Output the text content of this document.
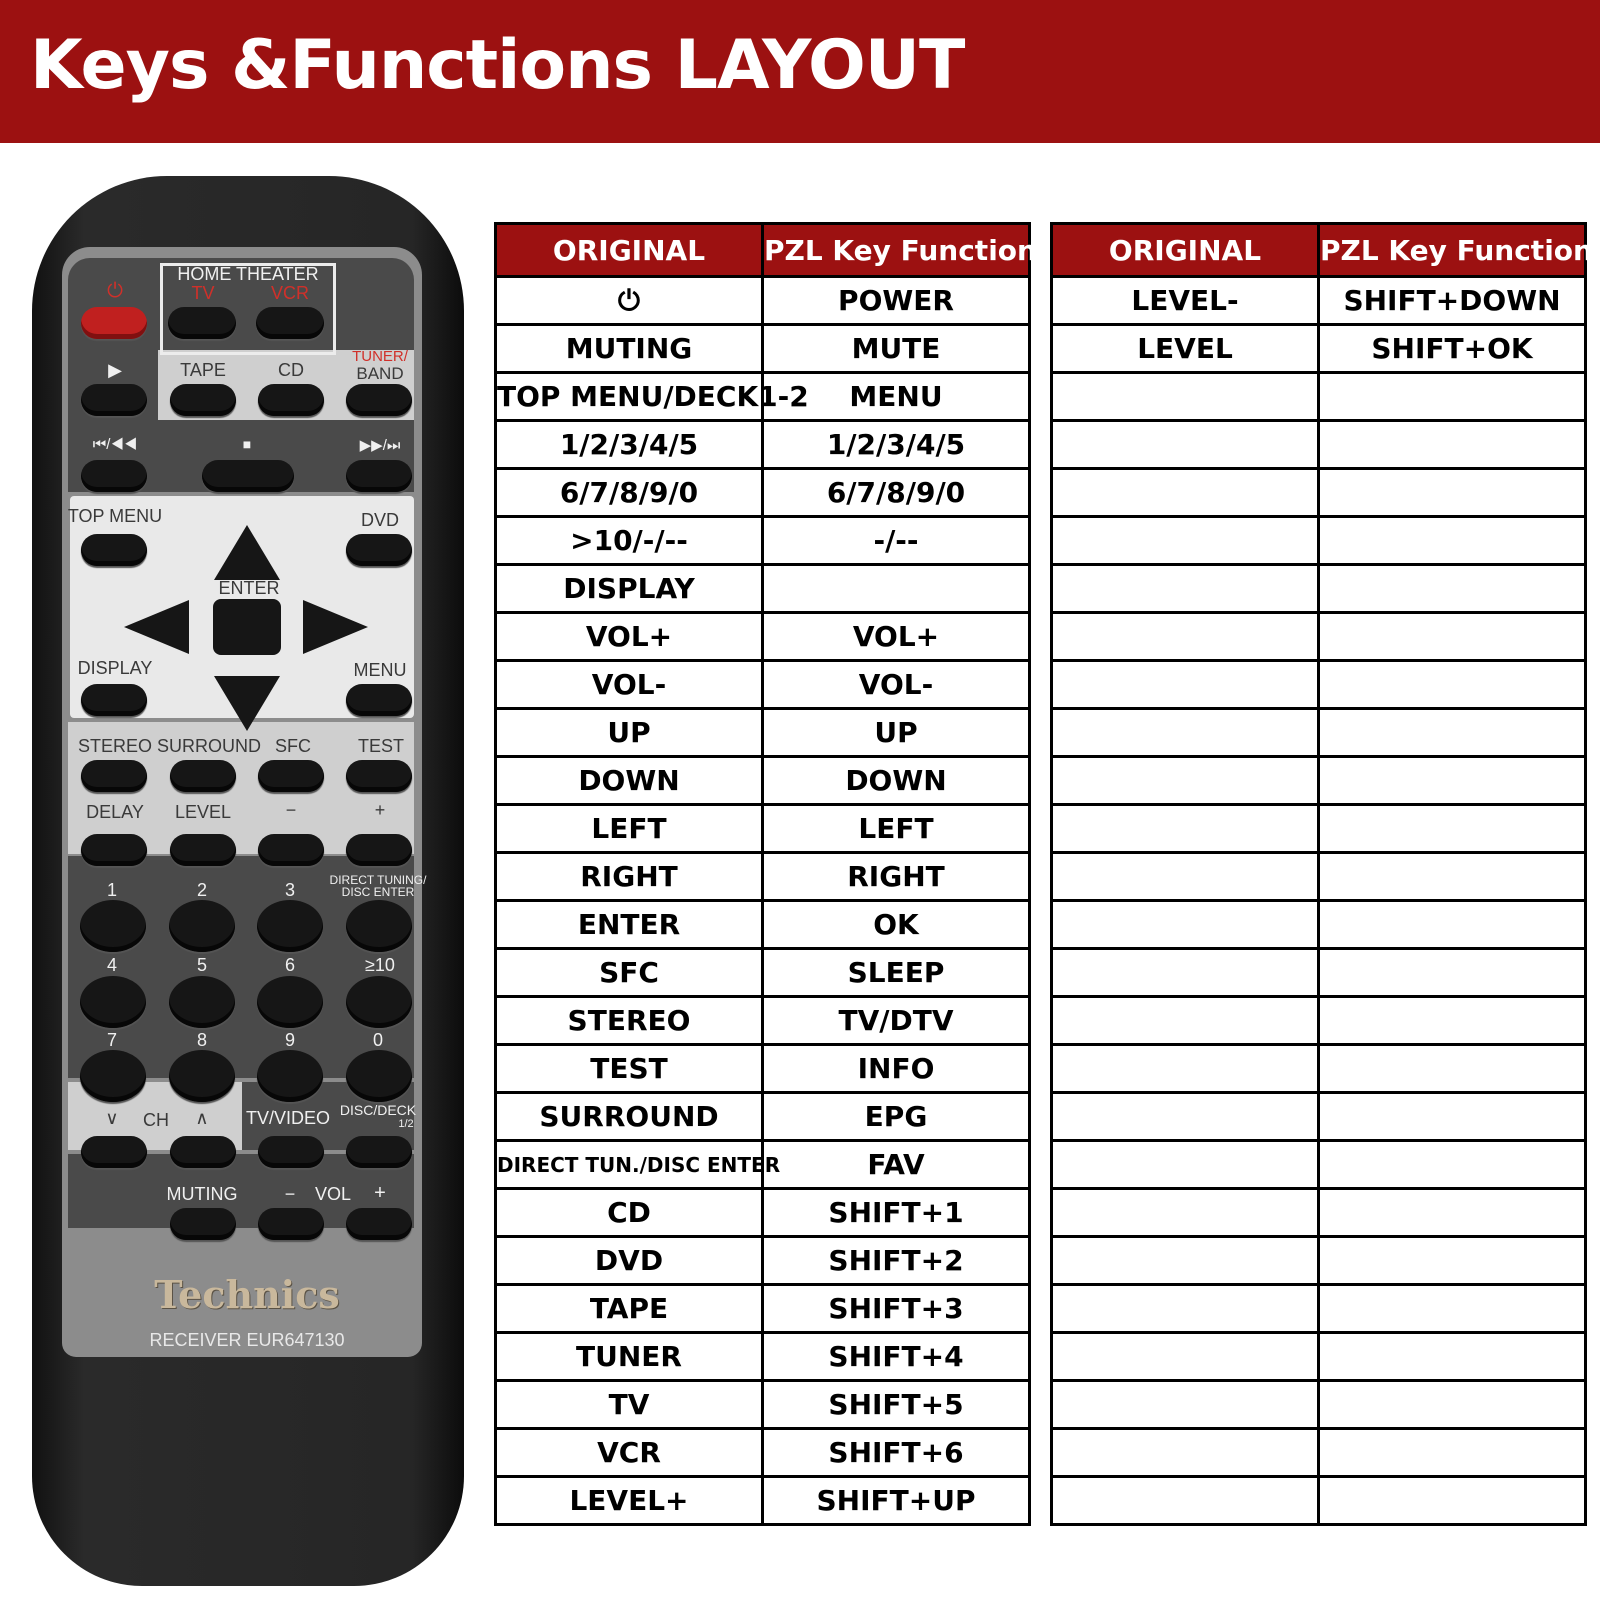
Keys &Functions LAYOUT
HOME THEATER
TV	VCR
⏻
▶	TAPE	CD
TUNER/
BAND
⏮/◀◀	■	▶▶/⏭
TOP MENU	DVD
ENTER
DISPLAY	MENU
STEREO SURROUND SFC	TEST
DELAY LEVEL	−	+
1	2	3	DIRECT TUNING/
DISC ENTER
4	5	6	≥10
7	8	9	0
∨ CH ∧ TV/VIDEO DISC/DECK
1/2
MUTING	− VOL +
Technics
RECEIVER EUR647130
ORIGINAL	PZL Key Function
⏻	POWER
MUTING	MUTE
TOP MENU/DECK1-2	MENU
1/2/3/4/5	1/2/3/4/5
6/7/8/9/0	6/7/8/9/0
>10/-/--	-/--
DISPLAY	
VOL+	VOL+
VOL-	VOL-
UP	UP
DOWN	DOWN
LEFT	LEFT
RIGHT	RIGHT
ENTER	OK
SFC	SLEEP
STEREO	TV/DTV
TEST	INFO
SURROUND	EPG
DIRECT TUN./DISC ENTER	FAV
CD	SHIFT+1
DVD	SHIFT+2
TAPE	SHIFT+3
TUNER	SHIFT+4
TV	SHIFT+5
VCR	SHIFT+6
LEVEL+	SHIFT+UP
ORIGINAL	PZL Key Function
LEVEL-	SHIFT+DOWN
LEVEL	SHIFT+OK
